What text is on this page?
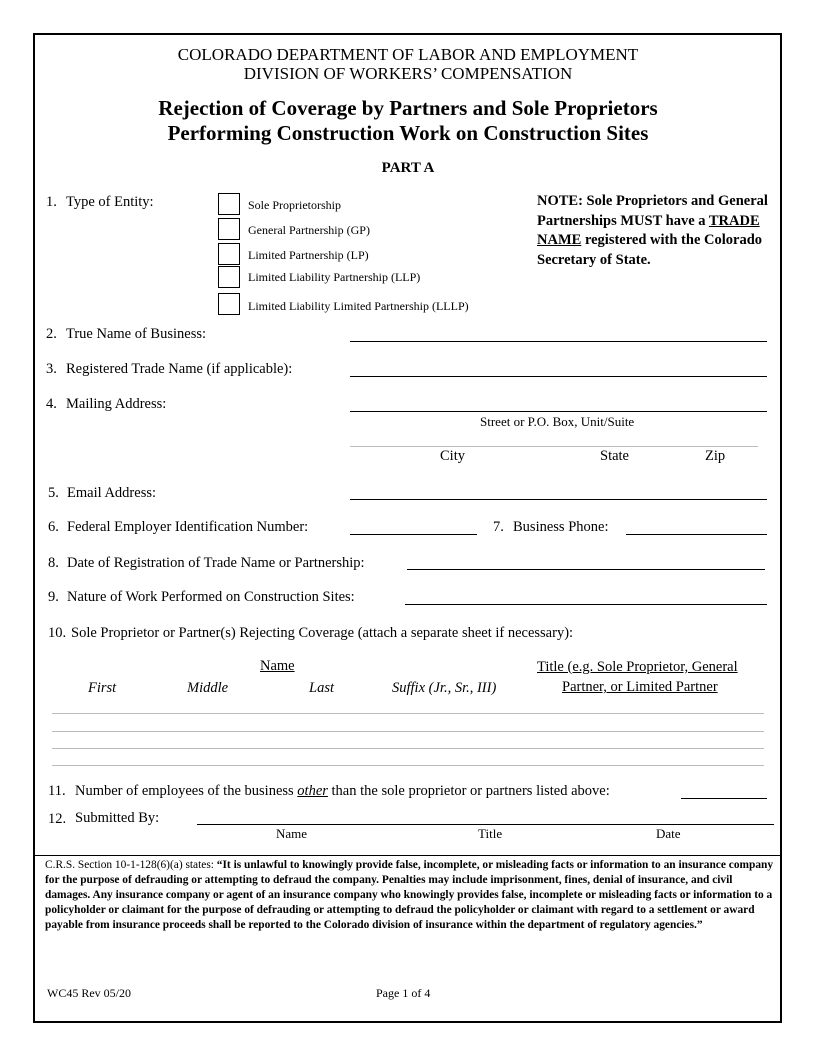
COLORADO DEPARTMENT OF LABOR AND EMPLOYMENT
DIVISION OF WORKERS’ COMPENSATION
Rejection of Coverage by Partners and Sole Proprietors
Performing Construction Work on Construction Sites
PART A
1. Type of Entity:	Sole Proprietorship
General Partnership (GP)
Limited Partnership (LP)
Limited Liability Partnership (LLP)
Limited Liability Limited Partnership (LLLP)
NOTE: Sole Proprietors and General Partnerships MUST have a TRADE NAME registered with the Colorado Secretary of State.
2. True Name of Business:
3. Registered Trade Name (if applicable):
4. Mailing Address:
Street or P.O. Box, Unit/Suite
City	State	Zip
5. Email Address:
6. Federal Employer Identification Number:	7. Business Phone:
8. Date of Registration of Trade Name or Partnership:
9. Nature of Work Performed on Construction Sites:
10. Sole Proprietor or Partner(s) Rejecting Coverage (attach a separate sheet if necessary):
Name	Title (e.g. Sole Proprietor, General
Partner, or Limited Partner
First	Middle	Last	Suffix (Jr., Sr., III)
11. Number of employees of the business other than the sole proprietor or partners listed above:
12. Submitted By:
Name	Title	Date
C.R.S. Section 10-1-128(6)(a) states: “It is unlawful to knowingly provide false, incomplete, or misleading facts or information to an insurance company for the purpose of defrauding or attempting to defraud the company. Penalties may include imprisonment, fines, denial of insurance, and civil damages. Any insurance company or agent of an insurance company who knowingly provides false, incomplete or misleading facts or information to a policyholder or claimant for the purpose of defrauding or attempting to defraud the policyholder or claimant with regard to a settlement or award payable from insurance proceeds shall be reported to the Colorado division of insurance within the department of regulatory agencies.”
WC45 Rev 05/20	Page 1 of 4
